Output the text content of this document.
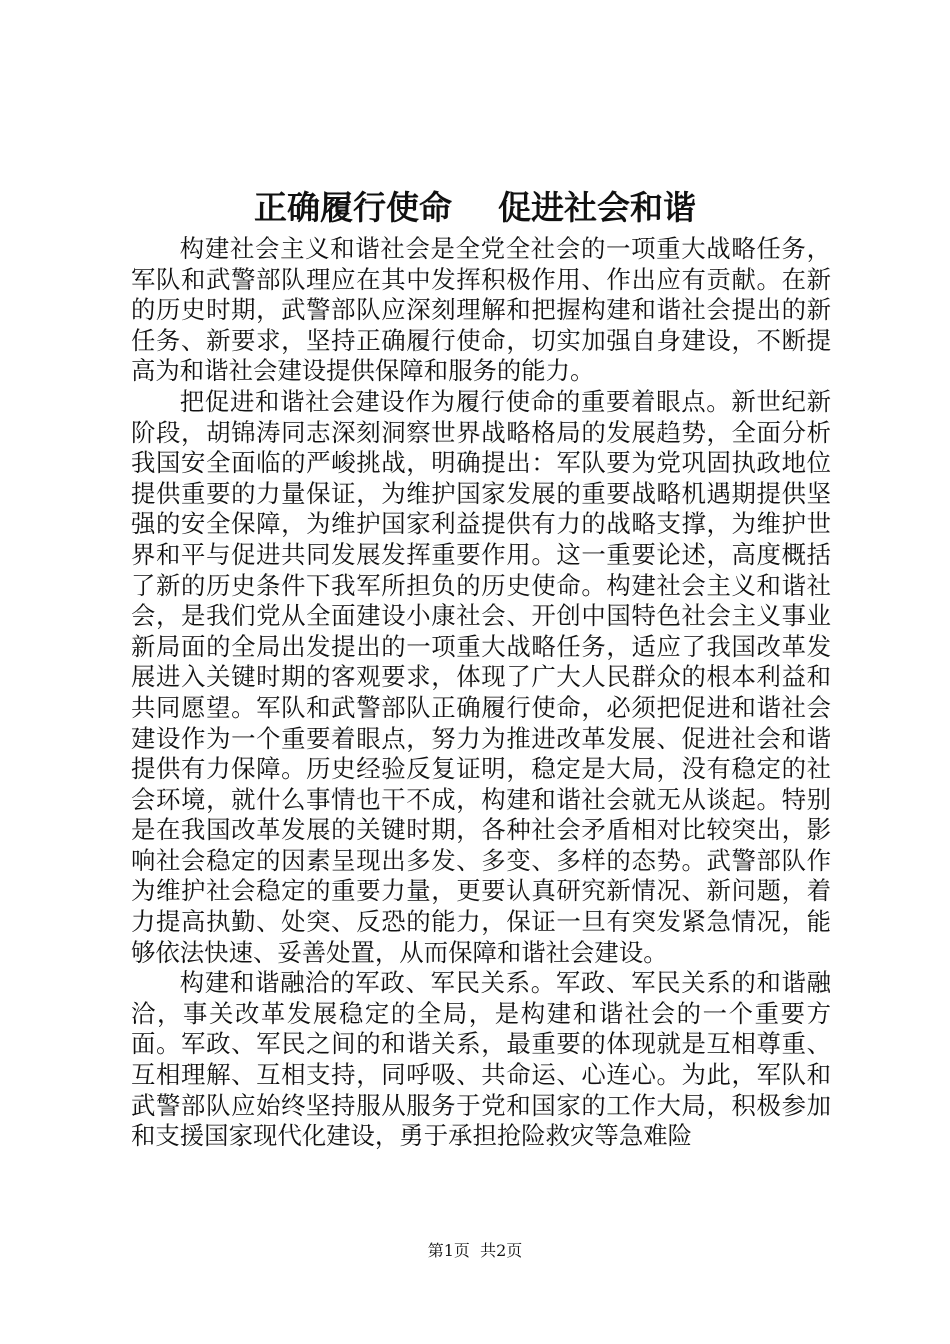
正确履行使命    促进社会和谐

构建社会主义和谐社会是全党全社会的一项重大战略任务，军队和武警部队理应在其中发挥积极作用、作出应有贡献。在新的历史时期，武警部队应深刻理解和把握构建和谐社会提出的新任务、新要求，坚持正确履行使命，切实加强自身建设，不断提高为和谐社会建设提供保障和服务的能力。

把促进和谐社会建设作为履行使命的重要着眼点。新世纪新阶段，胡锦涛同志深刻洞察世界战略格局的发展趋势，全面分析我国安全面临的严峻挑战，明确提出：军队要为党巩固执政地位提供重要的力量保证，为维护国家发展的重要战略机遇期提供坚强的安全保障，为维护国家利益提供有力的战略支撑，为维护世界和平与促进共同发展发挥重要作用。这一重要论述，高度概括了新的历史条件下我军所担负的历史使命。构建社会主义和谐社会，是我们党从全面建设小康社会、开创中国特色社会主义事业新局面的全局出发提出的一项重大战略任务，适应了我国改革发展进入关键时期的客观要求，体现了广大人民群众的根本利益和共同愿望。军队和武警部队正确履行使命，必须把促进和谐社会建设作为一个重要着眼点，努力为推进改革发展、促进社会和谐提供有力保障。历史经验反复证明，稳定是大局，没有稳定的社会环境，就什么事情也干不成，构建和谐社会就无从谈起。特别是在我国改革发展的关键时期，各种社会矛盾相对比较突出，影响社会稳定的因素呈现出多发、多变、多样的态势。武警部队作为维护社会稳定的重要力量，更要认真研究新情况、新问题，着力提高执勤、处突、反恐的能力，保证一旦有突发紧急情况，能够依法快速、妥善处置，从而保障和谐社会建设。

构建和谐融洽的军政、军民关系。军政、军民关系的和谐融洽，事关改革发展稳定的全局，是构建和谐社会的一个重要方面。军政、军民之间的和谐关系，最重要的体现就是互相尊重、互相理解、互相支持，同呼吸、共命运、心连心。为此，军队和武警部队应始终坚持服从服务于党和国家的工作大局，积极参加和支援国家现代化建设，勇于承担抢险救灾等急难险

第1页  共2页
